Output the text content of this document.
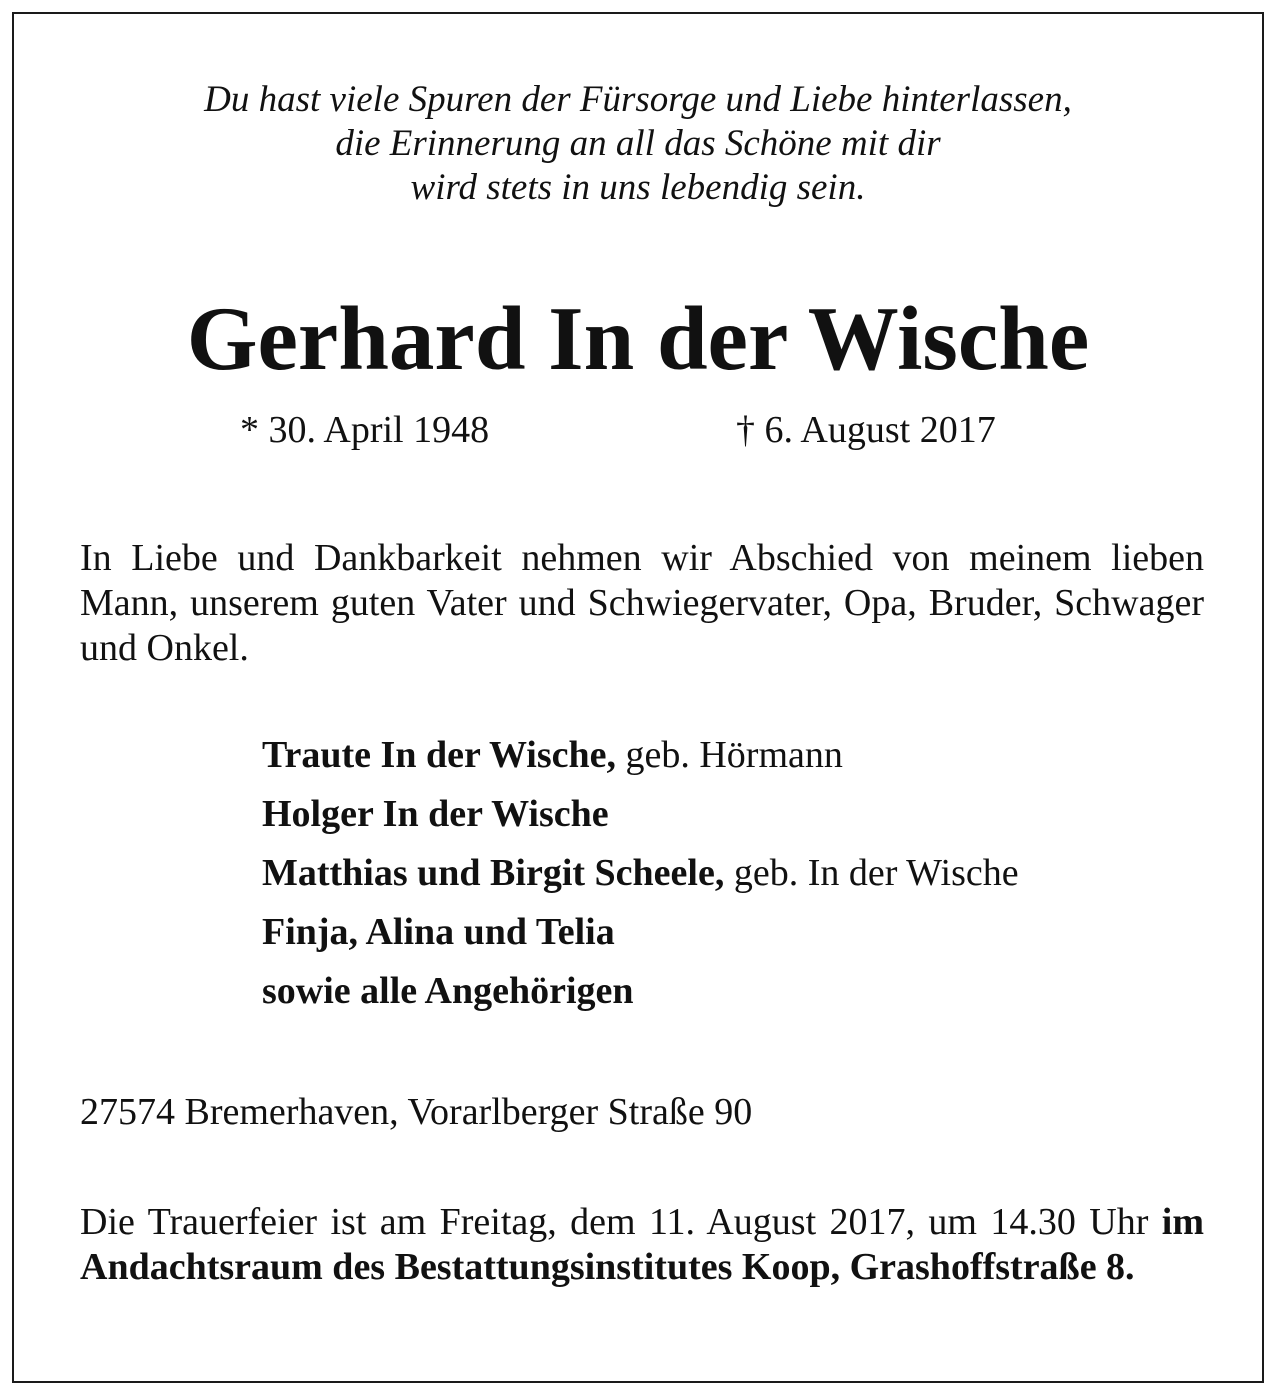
Du hast viele Spuren der Fürsorge und Liebe hinterlassen,
die Erinnerung an all das Schöne mit dir
wird stets in uns lebendig sein.
Gerhard In der Wische
* 30. April 1948	† 6. August 2017
In Liebe und Dankbarkeit nehmen wir Abschied von meinem lieben Mann, unserem guten Vater und Schwiegervater, Opa, Bruder, Schwager und Onkel.
Traute In der Wische, geb. Hörmann
Holger In der Wische
Matthias und Birgit Scheele, geb. In der Wische
Finja, Alina und Telia
sowie alle Angehörigen
27574 Bremerhaven, Vorarlberger Straße 90
Die Trauerfeier ist am Freitag, dem 11. August 2017, um 14.30 Uhr im Andachtsraum des Bestattungsinstitutes Koop, Grashoffstraße 8.
